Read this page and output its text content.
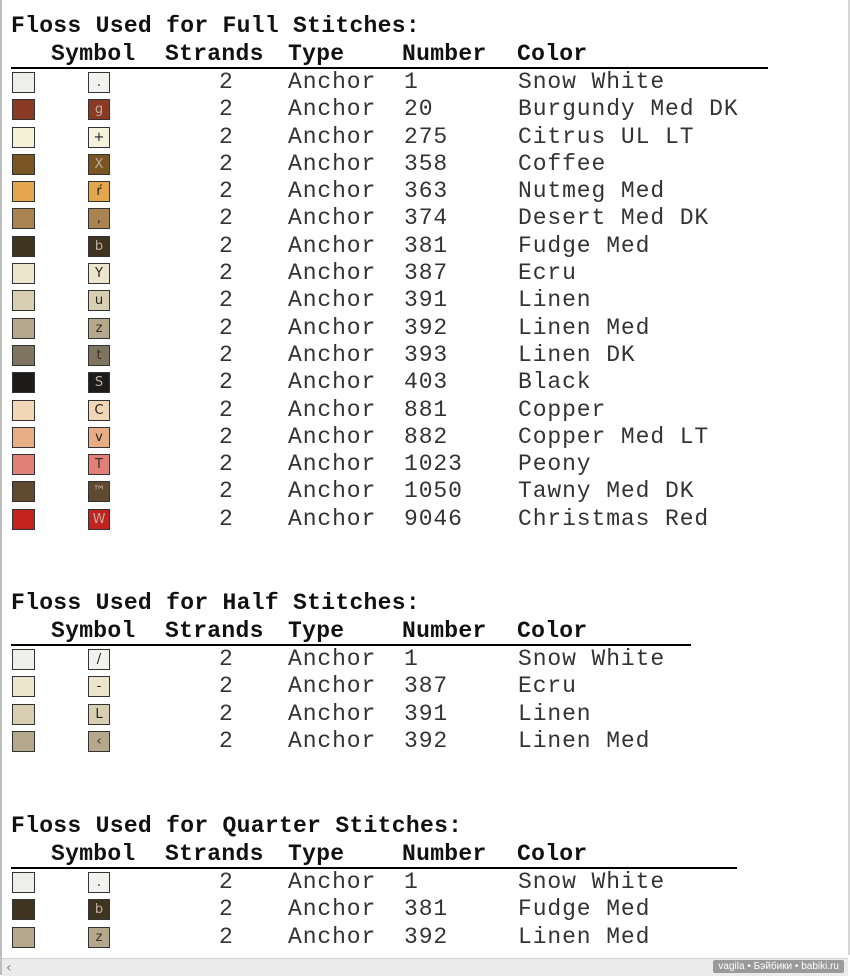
Floss Used for Full Stitches:
Symbol Strands Type	Number Color
.	2 Anchor 1	Snow White
g	2 Anchor 20	Burgundy Med DK
+	2 Anchor 275	Citrus UL LT
X	2 Anchor 358	Coffee
ŕ	2 Anchor 363	Nutmeg Med
,	2 Anchor 374	Desert Med DK
b	2 Anchor 381	Fudge Med
Y	2 Anchor 387	Ecru
u	2 Anchor 391	Linen
z	2 Anchor 392	Linen Med
t	2 Anchor 393	Linen DK
S	2 Anchor 403	Black
C	2 Anchor 881	Copper
v	2 Anchor 882	Copper Med LT
T	2 Anchor 1023 Peony
™	2 Anchor 1050 Tawny Med DK
W	2 Anchor 9046 Christmas Red
Floss Used for Half Stitches:
Symbol Strands Type	Number Color
/	2 Anchor 1	Snow White
-	2 Anchor 387	Ecru
L	2 Anchor 391	Linen
‹	2 Anchor 392	Linen Med
Floss Used for Quarter Stitches:
Symbol Strands Type	Number Color
.	2 Anchor 1	Snow White
b	2 Anchor 381	Fudge Med
z	2 Anchor 392	Linen Med
‹	vagila • Бэйбики • babiki.ru
